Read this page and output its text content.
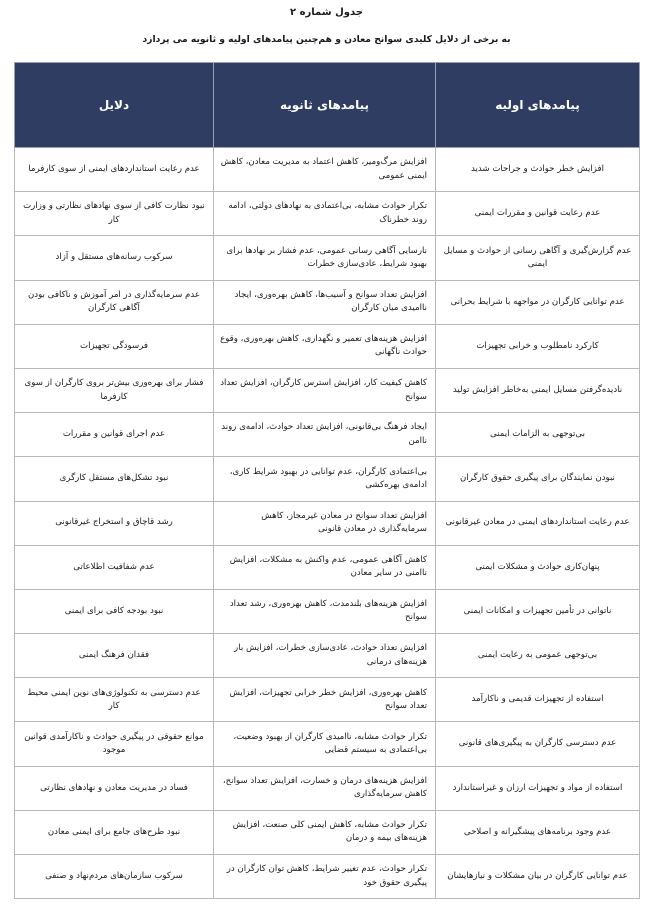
جدول شماره ۲
به برخی از دلایل کلیدی سوانح معادن و هم‌چنین پیامدهای اولیه و ثانویه می پردازد
پیامدهای اولیه	پیامدهای ثانویه	دلایل
افزایش خطر حوادث و جراحات شدید	افزایش مرگ‌ومیر، کاهش اعتماد به مدیریت معادن، کاهش ایمنی عمومی	عدم رعایت استانداردهای ایمنی از سوی کارفرما
عدم رعایت قوانین و مقررات ایمنی	تکرار حوادث مشابه، بی‌اعتمادی به نهادهای دولتی، ادامه روند خطرناک	نبود نظارت کافی از سوی نهادهای نظارتی و وزارت کار
عدم گزارش‌گیری و آگاهی رسانی از حوادث و مسایل ایمنی	نارسایی آگاهی رسانی عمومی، عدم فشار بر نهادها برای بهبود شرایط، عادی‌سازی خطرات	سرکوب رسانه‌های مستقل و آزاد
عدم توانایی کارگران در مواجهه با شرایط بحرانی	افزایش تعداد سوانح و آسیب‌ها، کاهش بهره‌وری، ایجاد ناامیدی میان کارگران	عدم سرمایه‌گذاری در امر آموزش و ناکافی بودن آگاهی کارگران
کارکرد نامطلوب و خرابی تجهیزات	افزایش هزینه‌های تعمیر و نگهداری، کاهش بهره‌وری، وقوع حوادث ناگهانی	فرسودگی تجهیزات
نادیده‌گرفتن مسایل ایمنی به‌خاطر افزایش تولید	کاهش کیفیت کار، افزایش استرس کارگران، افزایش تعداد سوانح	فشار برای بهره‌وری بیش‌تر بروی کارگران از سوی کارفرما
بی‌توجهی به الزامات ایمنی	ایجاد فرهنگ بی‌قانونی، افزایش تعداد حوادث، ادامه‌ی روند ناامن	عدم اجرای قوانین و مقررات
نبودن نمایندگان برای پیگیری حقوق کارگران	بی‌اعتمادی کارگران، عدم توانایی در بهبود شرایط کاری، ادامه‌ی بهره‌کشی	نبود تشکل‌های مستقل کارگری
عدم رعایت استانداردهای ایمنی در معادن غیرقانونی	افزایش تعداد سوانح در معادن غیرمجاز، کاهش سرمایه‌گذاری در معادن قانونی	رشد قاچاق و استخراج غیرقانونی
پنهان‌کاری حوادث و مشکلات ایمنی	کاهش آگاهی عمومی، عدم واکنش به مشکلات، افزایش ناامنی در سایر معادن	عدم شفافیت اطلاعاتی
ناتوانی در تأمین تجهیزات و امکانات ایمنی	افزایش هزینه‌های بلندمدت، کاهش بهره‌وری، رشد تعداد سوانح	نبود بودجه کافی برای ایمنی
بی‌توجهی عمومی به رعایت ایمنی	افزایش تعداد حوادث، عادی‌سازی خطرات، افزایش بار هزینه‌های درمانی	فقدان فرهنگ ایمنی
استفاده از تجهیزات قدیمی و ناکارآمد	کاهش بهره‌وری، افزایش خطر خرابی تجهیزات، افزایش تعداد سوانح	عدم دسترسی به تکنولوژی‌های نوین ایمنی محیط کار
عدم دسترسی کارگران به پیگیری‌های قانونی	تکرار حوادث مشابه، ناامیدی کارگران از بهبود وضعیت، بی‌اعتمادی به سیستم قضایی	موانع حقوقی در پیگیری حوادث و ناکارآمدی قوانین موجود
استفاده از مواد و تجهیزات ارزان و غیراستاندارد	افزایش هزینه‌های درمان و خسارت، افزایش تعداد سوانح، کاهش سرمایه‌گذاری	فساد در مدیریت معادن و نهادهای نظارتی
عدم وجود برنامه‌های پیشگیرانه و اصلاحی	تکرار حوادث مشابه، کاهش ایمنی کلی صنعت، افزایش هزینه‌های بیمه و درمان	نبود طرح‌های جامع برای ایمنی معادن
عدم توانایی کارگران در بیان مشکلات و نیازهایشان	تکرار حوادث، عدم تغییر شرایط، کاهش توان کارگران در پیگیری حقوق خود	سرکوب سازمان‌های مردم‌نهاد و صنفی
